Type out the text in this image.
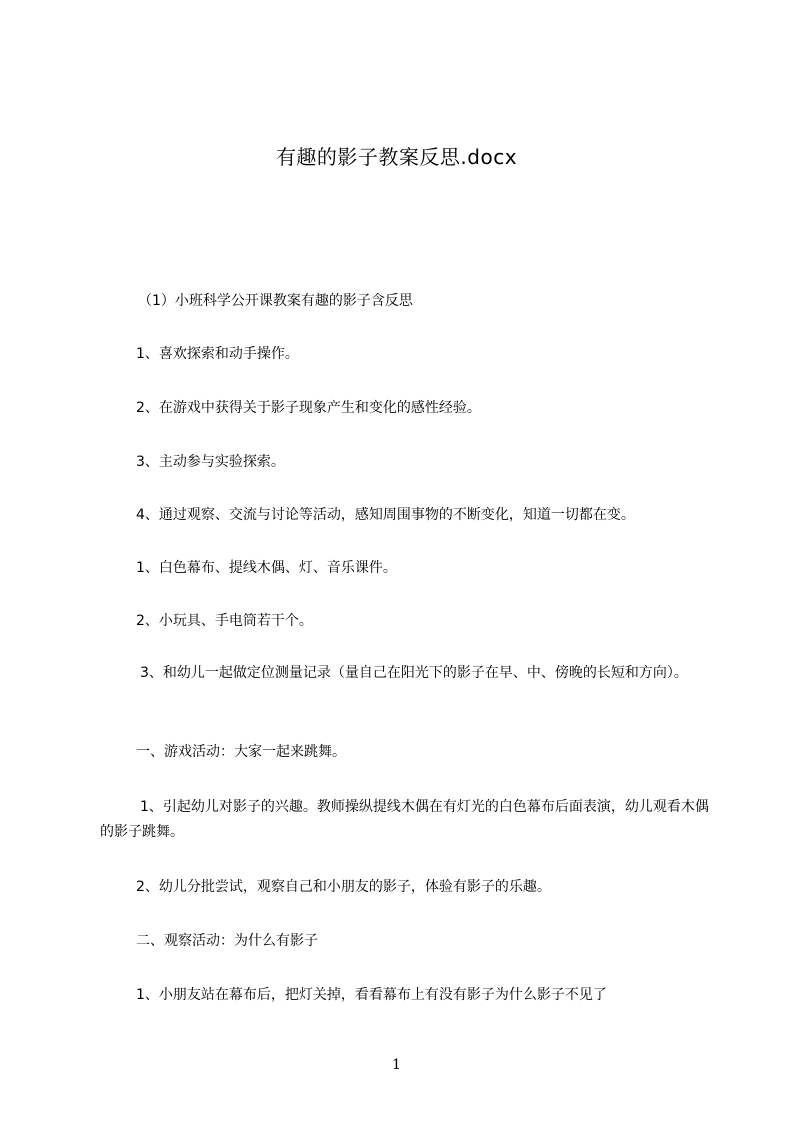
有趣的影子教案反思.docx

（1）小班科学公开课教案有趣的影子含反思

1、喜欢探索和动手操作。

2、在游戏中获得关于影子现象产生和变化的感性经验。

3、主动参与实验探索。

4、通过观察、交流与讨论等活动，感知周围事物的不断变化，知道一切都在变。

1、白色幕布、提线木偶、灯、音乐课件。

2、小玩具、手电筒若干个。

3、和幼儿一起做定位测量记录（量自己在阳光下的影子在早、中、傍晚的长短和方向）。

一、游戏活动：大家一起来跳舞。

1、引起幼儿对影子的兴趣。教师操纵提线木偶在有灯光的白色幕布后面表演，幼儿观看木偶的影子跳舞。

2、幼儿分批尝试，观察自己和小朋友的影子，体验有影子的乐趣。

二、观察活动：为什么有影子

1、小朋友站在幕布后，把灯关掉，看看幕布上有没有影子为什么影子不见了

1
